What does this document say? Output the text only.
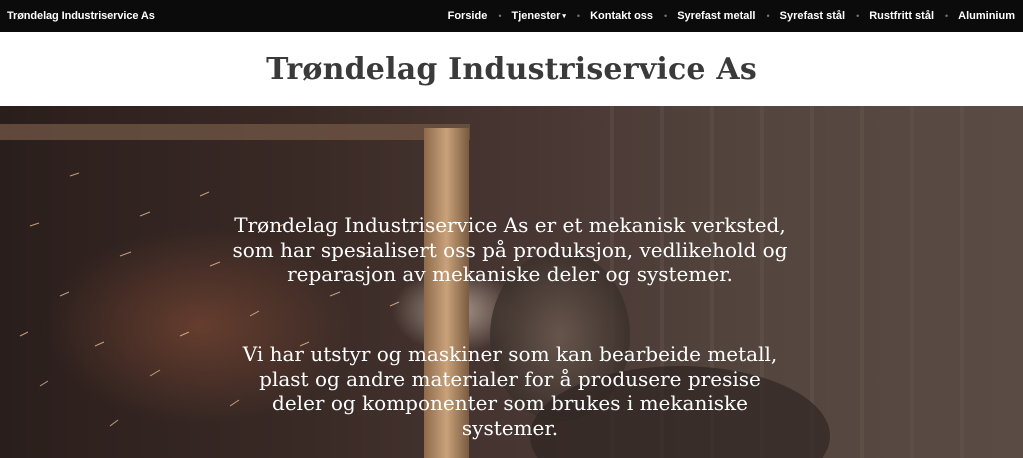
Trøndelag Industriservice As	Forside • Tjenester ▾ • Kontakt oss • Syrefast metall • Syrefast stål • Rustfritt stål • Aluminium
Trøndelag Industriservice As

Trøndelag Industriservice As er et mekanisk verksted, som har spesialisert oss på produksjon, vedlikehold og reparasjon av mekaniske deler og systemer.

Vi har utstyr og maskiner som kan bearbeide metall, plast og andre materialer for å produsere presise deler og komponenter som brukes i mekaniske systemer.
